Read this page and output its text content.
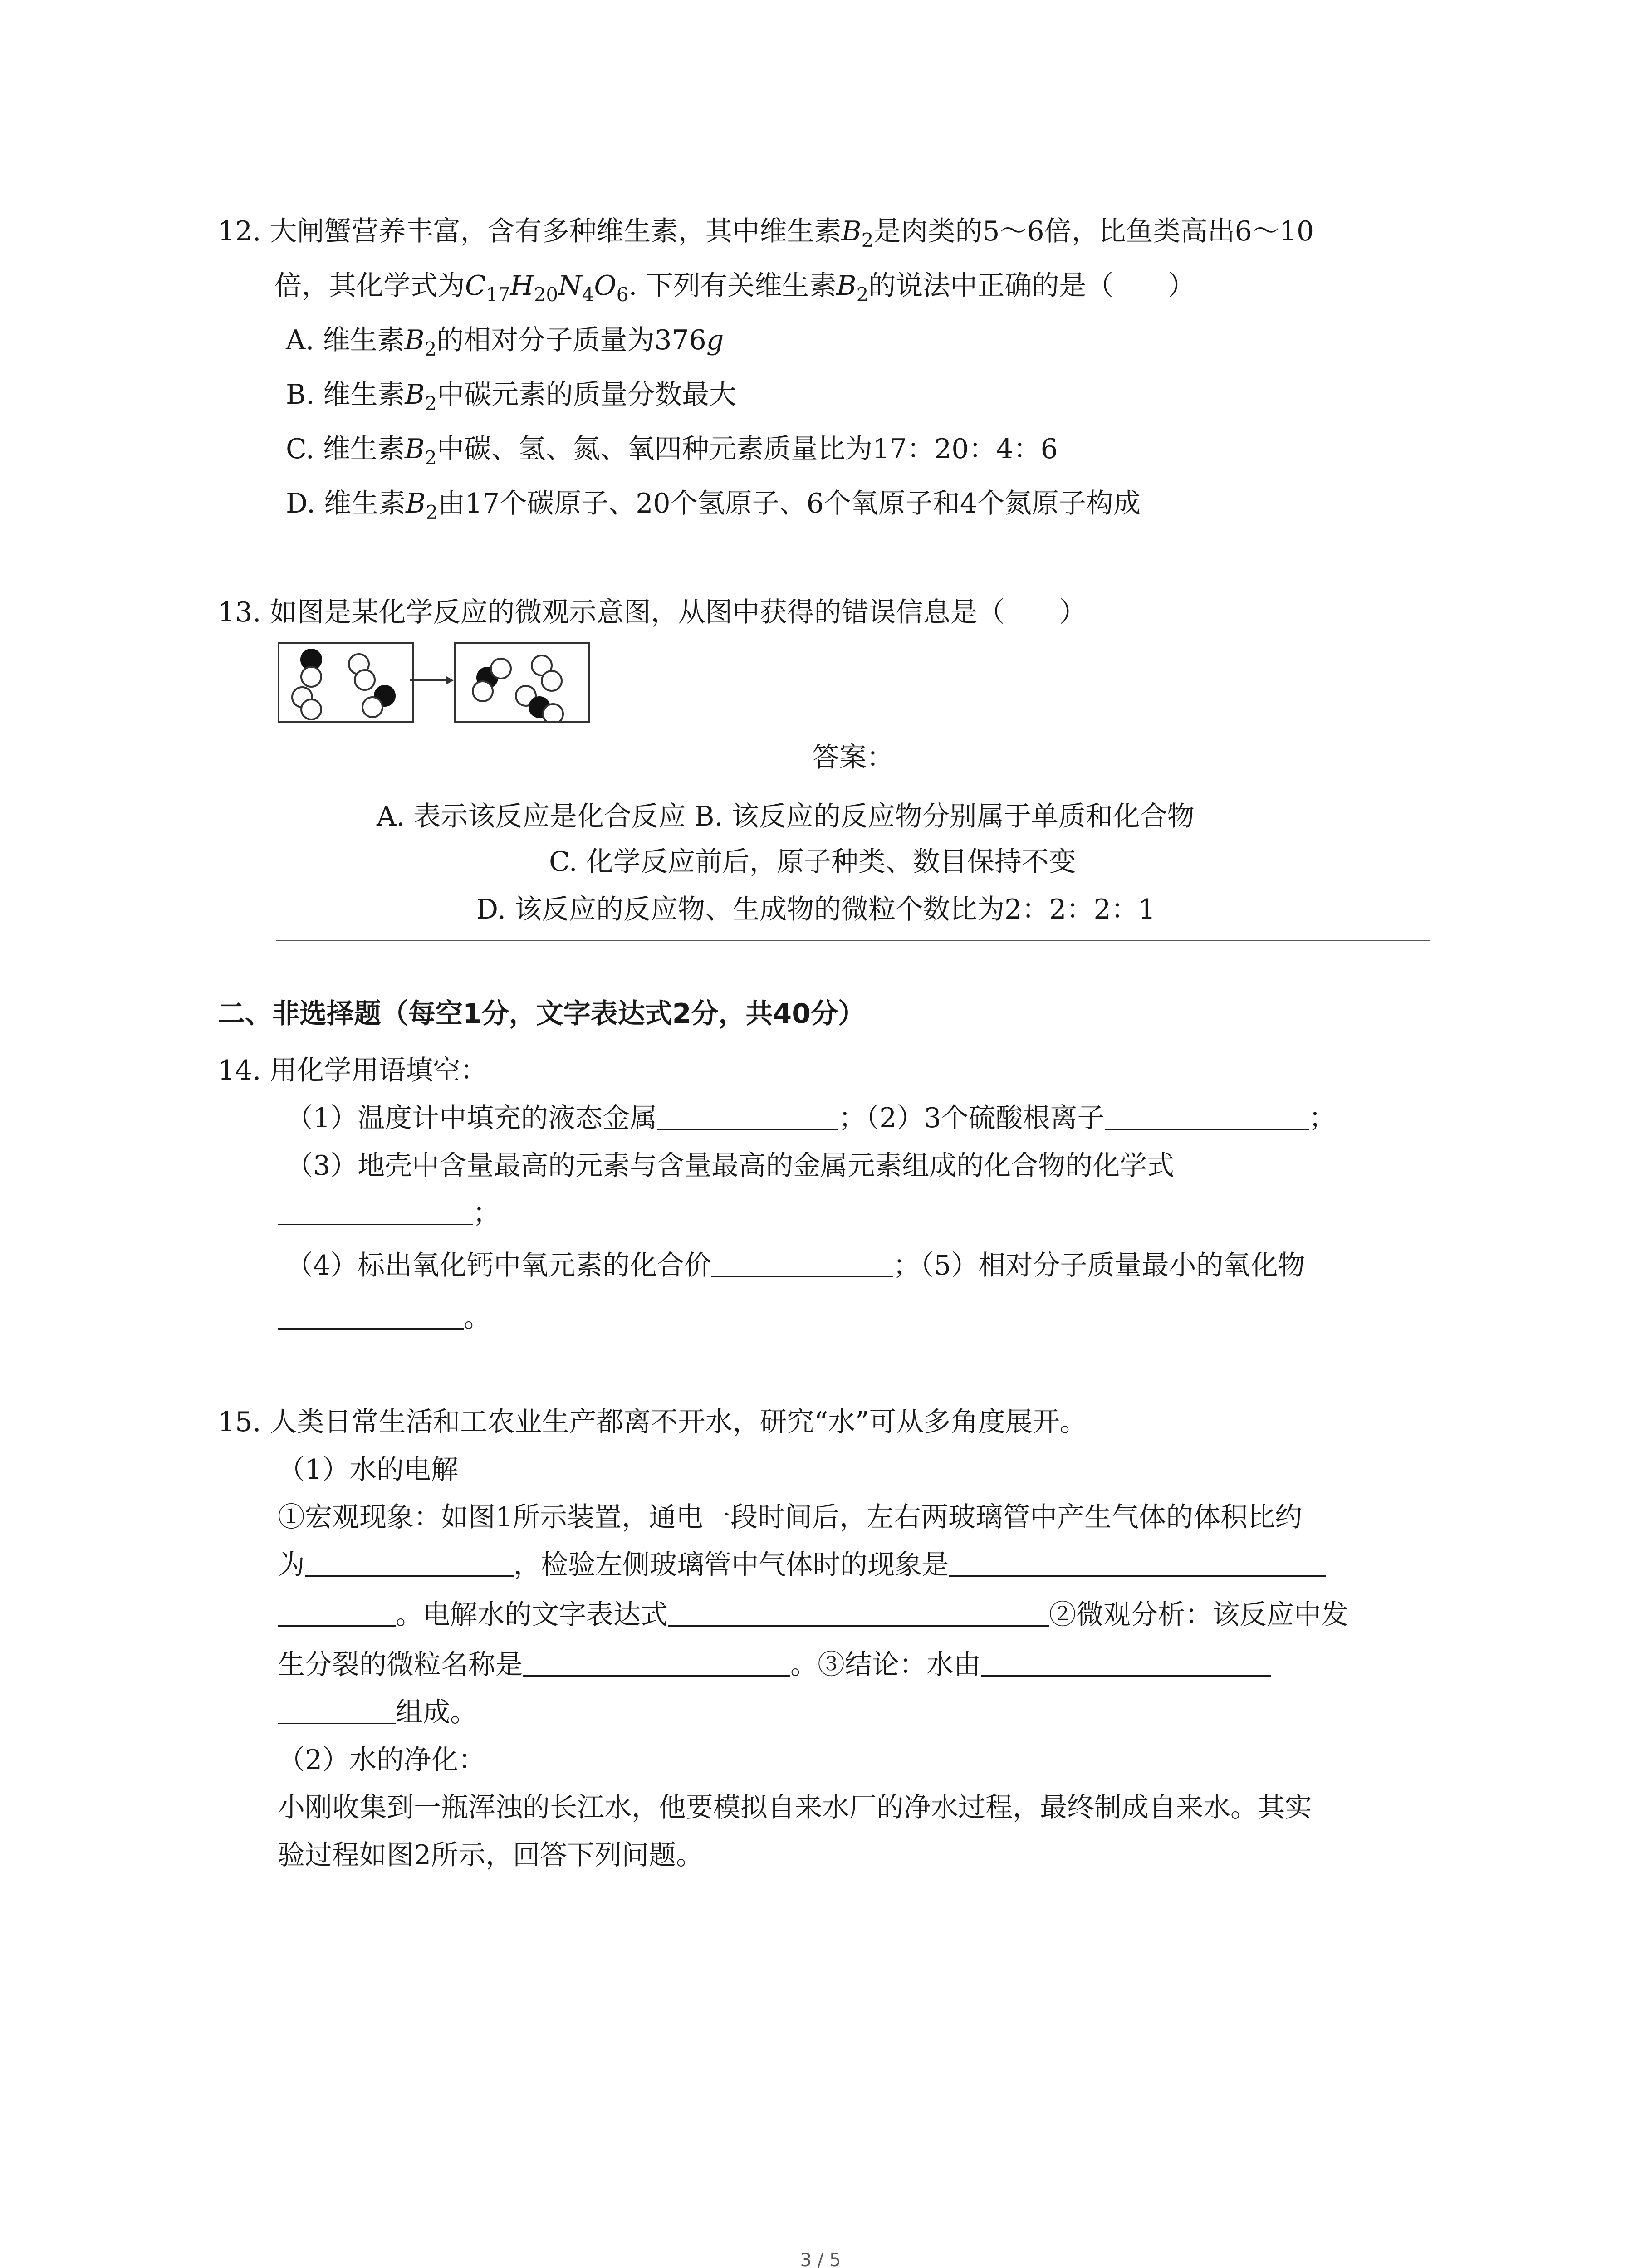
12. 大闸蟹营养丰富，含有多种维生素，其中维生素$B_2$是肉类的5～6倍，比鱼类高出6～10
倍，其化学式为$C_{17}H_{20}N_4O_6$. 下列有关维生素$B_2$的说法中正确的是（　　）
A. 维生素$B_2$的相对分子质量为376g
B. 维生素$B_2$中碳元素的质量分数最大
C. 维生素$B_2$中碳、氢、氮、氧四种元素质量比为17：20：4：6
D. 维生素$B_2$由17个碳原子、20个氢原子、6个氧原子和4个氮原子构成
13. 如图是某化学反应的微观示意图，从图中获得的错误信息是（　　）
答案：
A. 表示该反应是化合反应 B. 该反应的反应物分别属于单质和化合物
C. 化学反应前后，原子种类、数目保持不变
D. 该反应的反应物、生成物的微粒个数比为2：2：2：1
二、非选择题（每空1分，文字表达式2分，共40分）
14. 用化学用语填空：
（1）温度计中填充的液态金属	；（2）3个硫酸根离子	；
（3）地壳中含量最高的元素与含量最高的金属元素组成的化合物的化学式
；
（4）标出氧化钙中氧元素的化合价	；（5）相对分子质量最小的氧化物
。
15. 人类日常生活和工农业生产都离不开水，研究“水”可从多角度展开。
（1）水的电解
①宏观现象：如图1所示装置，通电一段时间后，左右两玻璃管中产生气体的体积比约
为	，检验左侧玻璃管中气体时的现象是
。电解水的文字表达式	②微观分析：该反应中发
生分裂的微粒名称是	。③结论：水由
组成。
（2）水的净化：
小刚收集到一瓶浑浊的长江水，他要模拟自来水厂的净水过程，最终制成自来水。其实
验过程如图2所示，回答下列问题。
3 / 5
